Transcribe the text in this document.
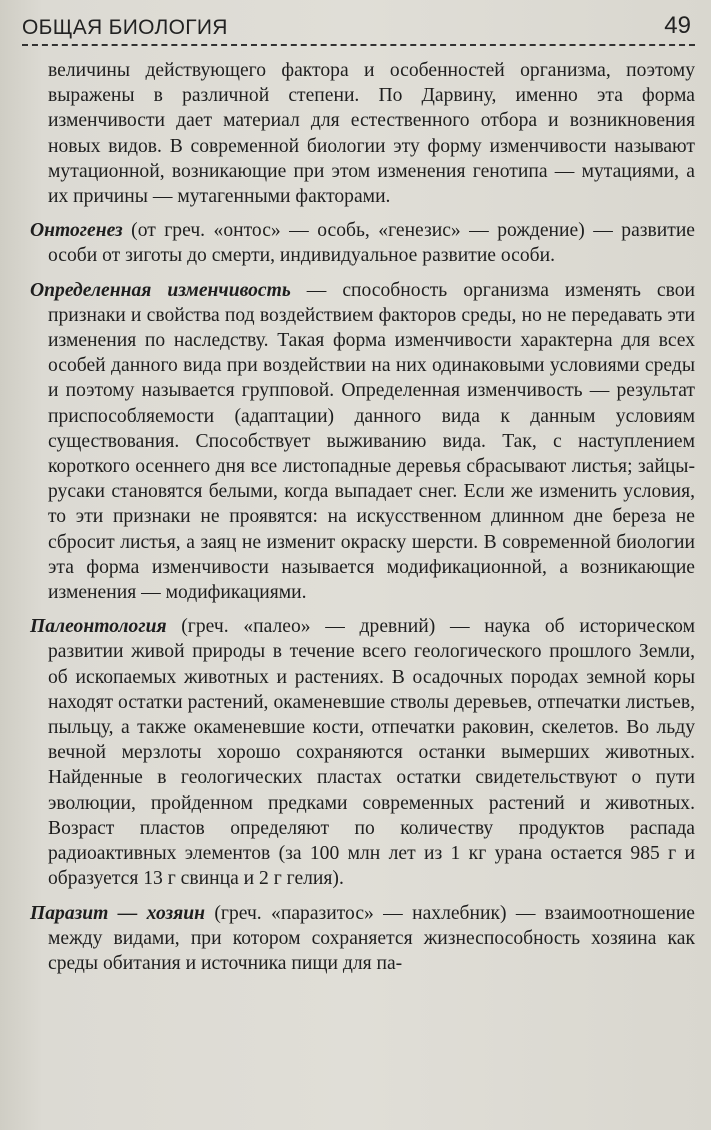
ОБЩАЯ БИОЛОГИЯ	49

величины действующего фактора и особенностей организма, поэтому выражены в различной степени. По Дарвину, именно эта форма изменчивости дает материал для естественного отбора и возникновения новых видов. В современной биологии эту форму изменчивости называют мутационной, возникающие при этом изменения генотипа — мутациями, а их причины — мутагенными факторами.

Онтогенез (от греч. «онтос» — особь, «генезис» — рождение) — развитие особи от зиготы до смерти, индивидуальное развитие особи.

Определенная изменчивость — способность организма изменять свои признаки и свойства под воздействием факторов среды, но не передавать эти изменения по наследству. Такая форма изменчивости характерна для всех особей данного вида при воздействии на них одинаковыми условиями среды и поэтому называется групповой. Определенная изменчивость — результат приспособляемости (адаптации) данного вида к данным условиям существования. Способствует выживанию вида. Так, с наступлением короткого осеннего дня все листопадные деревья сбрасывают листья; зайцы-русаки становятся белыми, когда выпадает снег. Если же изменить условия, то эти признаки не проявятся: на искусственном длинном дне береза не сбросит листья, а заяц не изменит окраску шерсти. В современной биологии эта форма изменчивости называется модификационной, а возникающие изменения — модификациями.

Палеонтология (греч. «палео» — древний) — наука об историческом развитии живой природы в течение всего геологического прошлого Земли, об ископаемых животных и растениях. В осадочных породах земной коры находят остатки растений, окаменевшие стволы деревьев, отпечатки листьев, пыльцу, а также окаменевшие кости, отпечатки раковин, скелетов. Во льду вечной мерзлоты хорошо сохраняются останки вымерших животных. Найденные в геологических пластах остатки свидетельствуют о пути эволюции, пройденном предками современных растений и животных. Возраст пластов определяют по количеству продуктов распада радиоактивных элементов (за 100 млн лет из 1 кг урана остается 985 г и образуется 13 г свинца и 2 г гелия).

Паразит — хозяин (греч. «паразитос» — нахлебник) — взаимоотношение между видами, при котором сохраняется жизнеспособность хозяина как среды обитания и источника пищи для па-
